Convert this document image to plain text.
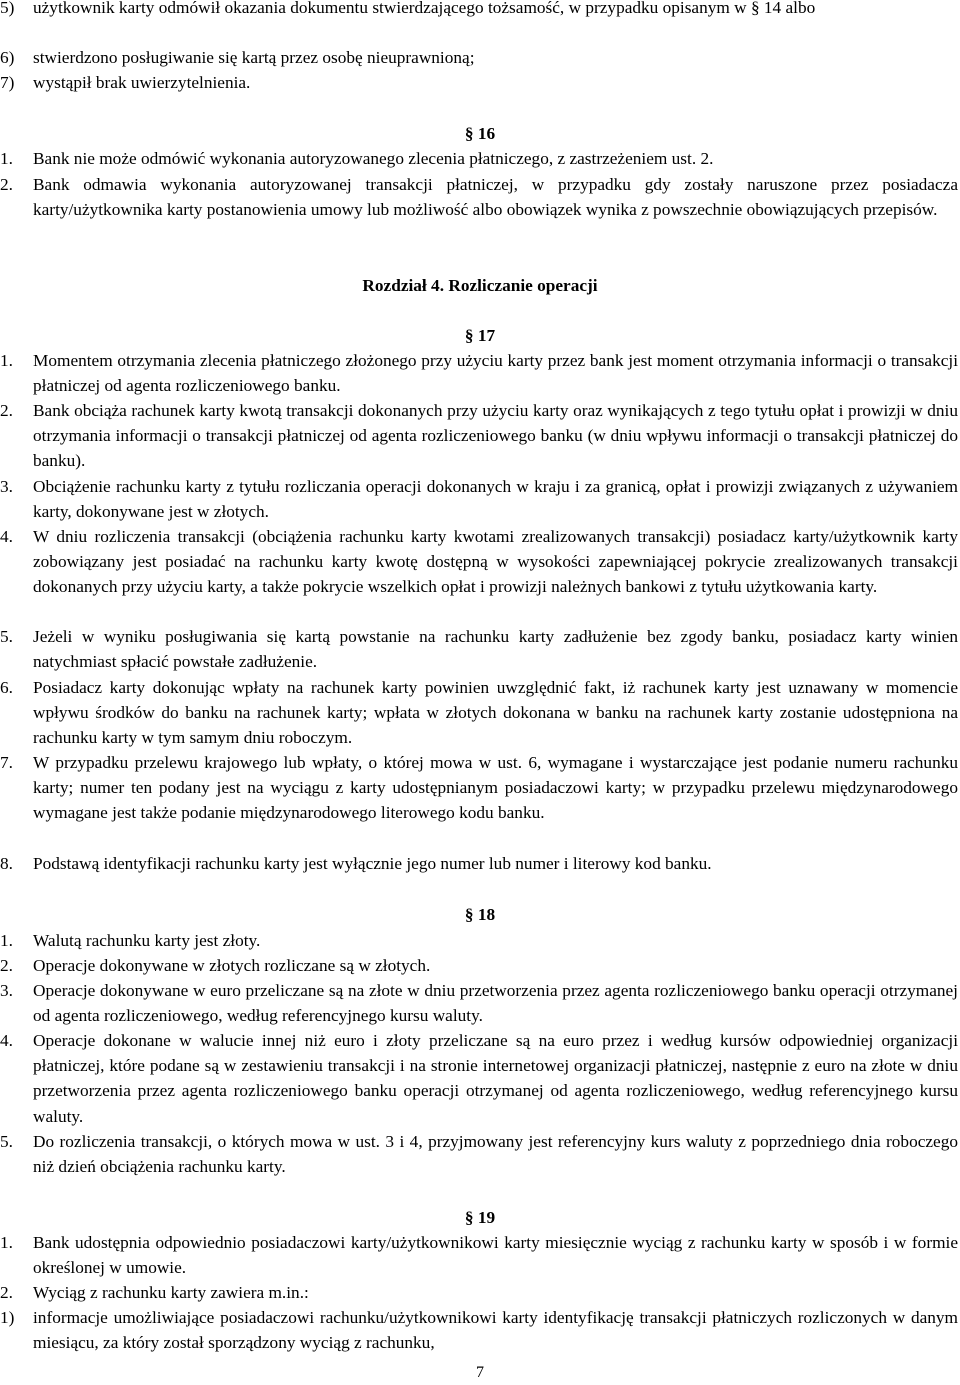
5)	użytkownik karty odmówił okazania dokumentu stwierdzającego tożsamość, w przypadku opisanym w § 14 albo
6)	stwierdzono posługiwanie się kartą przez osobę nieuprawnioną;
7)	wystąpił brak uwierzytelnienia.
§ 16
1.	Bank nie może odmówić wykonania autoryzowanego zlecenia płatniczego, z zastrzeżeniem ust. 2.
2.	Bank odmawia wykonania autoryzowanej transakcji płatniczej, w przypadku gdy zostały naruszone przez posiadacza karty/użytkownika karty postanowienia umowy lub możliwość albo obowiązek wynika z powszechnie obowiązujących przepisów.
Rozdział 4. Rozliczanie operacji
§ 17
1.	Momentem otrzymania zlecenia płatniczego złożonego przy użyciu karty przez bank jest moment otrzymania informacji o transakcji płatniczej od agenta rozliczeniowego banku.
2.	Bank obciąża rachunek karty kwotą transakcji dokonanych przy użyciu karty oraz wynikających z tego tytułu opłat i prowizji w dniu otrzymania informacji o transakcji płatniczej od agenta rozliczeniowego banku (w dniu wpływu informacji o transakcji płatniczej do banku).
3.	Obciążenie rachunku karty z tytułu rozliczania operacji dokonanych w kraju i za granicą, opłat i prowizji związanych z używaniem karty, dokonywane jest w złotych.
4.	W dniu rozliczenia transakcji (obciążenia rachunku karty kwotami zrealizowanych transakcji) posiadacz karty/użytkownik karty zobowiązany jest posiadać na rachunku karty kwotę dostępną w wysokości zapewniającej pokrycie zrealizowanych transakcji dokonanych przy użyciu karty, a także pokrycie wszelkich opłat i prowizji należnych bankowi z tytułu użytkowania karty.
5.	Jeżeli w wyniku posługiwania się kartą powstanie na rachunku karty zadłużenie bez zgody banku, posiadacz karty winien natychmiast spłacić powstałe zadłużenie.
6.	Posiadacz karty dokonując wpłaty na rachunek karty powinien uwzględnić fakt, iż rachunek karty jest uznawany w momencie wpływu środków do banku na rachunek karty; wpłata w złotych dokonana w banku na rachunek karty zostanie udostępniona na rachunku karty w tym samym dniu roboczym.
7.	W przypadku przelewu krajowego lub wpłaty, o której mowa w ust. 6, wymagane i wystarczające jest podanie numeru rachunku karty; numer ten podany jest na wyciągu z karty udostępnianym posiadaczowi karty; w przypadku przelewu międzynarodowego wymagane jest także podanie międzynarodowego literowego kodu banku.
8.	Podstawą identyfikacji rachunku karty jest wyłącznie jego numer lub numer i literowy kod banku.
§ 18
1.	Walutą rachunku karty jest złoty.
2.	Operacje dokonywane w złotych rozliczane są w złotych.
3.	Operacje dokonywane w euro przeliczane są na złote w dniu przetworzenia przez agenta rozliczeniowego banku operacji otrzymanej od agenta rozliczeniowego, według referencyjnego kursu waluty.
4.	Operacje dokonane w walucie innej niż euro i złoty przeliczane są na euro przez i według kursów odpowiedniej organizacji płatniczej, które podane są w zestawieniu transakcji i na stronie internetowej organizacji płatniczej, następnie z euro na złote w dniu przetworzenia przez agenta rozliczeniowego banku operacji otrzymanej od agenta rozliczeniowego, według referencyjnego kursu waluty.
5.	Do rozliczenia transakcji, o których mowa w ust. 3 i 4, przyjmowany jest referencyjny kurs waluty z poprzedniego dnia roboczego niż dzień obciążenia rachunku karty.
§ 19
1.	Bank udostępnia odpowiednio posiadaczowi karty/użytkownikowi karty miesięcznie wyciąg z rachunku karty w sposób i w formie określonej w umowie.
2.	Wyciąg z rachunku karty zawiera m.in.:
1)	informacje umożliwiające posiadaczowi rachunku/użytkownikowi karty identyfikację transakcji płatniczych rozliczonych w danym miesiącu, za który został sporządzony wyciąg z rachunku,
7
